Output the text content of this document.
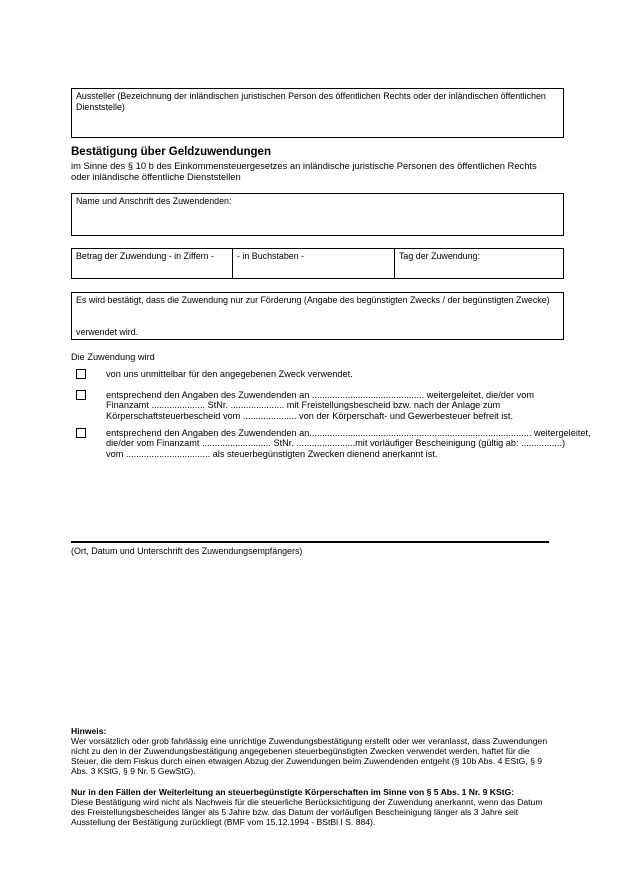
Aussteller (Bezeichnung der inländischen juristischen Person des öffentlichen Rechts oder der inländischen öffentlichen
Dienststelle)
Bestätigung über Geldzuwendungen
im Sinne des § 10 b des Einkommensteuergesetzes an inländische juristische Personen des öffentlichen Rechts
oder inländische öffentliche Dienststellen
Name und Anschrift des Zuwendenden:
Betrag der Zuwendung - in Ziffern -	- in Buchstaben -	Tag der Zuwendung:
Es wird bestätigt, dass die Zuwendung nur zur Förderung (Angabe des begünstigten Zwecks / der begünstigten Zwecke)
verwendet wird.
Die Zuwendung wird
von uns unmittelbar für den angegebenen Zweck verwendet.
entsprechend den Angaben des Zuwendenden an ............................................ weitergeleitet, die/der vom
Finanzamt ..................... StNr. ..................... mit Freistellungsbescheid bzw. nach der Anlage zum
Körperschaftsteuerbescheid vom ..................... von der Körperschaft- und Gewerbesteuer befreit ist.
entsprechend den Angaben des Zuwendenden an....................................................................................... weitergeleitet,
die/der vom Finanzamt ........................... StNr. .......................mit vorläufiger Bescheinigung (gültig ab: ................)
vom ................................. als steuerbegünstigten Zwecken dienend anerkannt ist.
(Ort, Datum und Unterschrift des Zuwendungsempfängers)
Hinweis:
Wer vorsätzlich oder grob fahrlässig eine unrichtige Zuwendungsbestätigung erstellt oder wer veranlasst, dass Zuwendungen
nicht zu den in der Zuwendungsbestätigung angegebenen steuerbegünstigten Zwecken verwendet werden, haftet für die
Steuer, die dem Fiskus durch einen etwaigen Abzug der Zuwendungen beim Zuwendenden entgeht (§ 10b Abs. 4 EStG, § 9
Abs. 3 KStG, § 9 Nr. 5 GewStG).
Nur in den Fällen der Weiterleitung an steuerbegünstigte Körperschaften im Sinne von § 5 Abs. 1 Nr. 9 KStG:
Diese Bestätigung wird nicht als Nachweis für die steuerliche Berücksichtigung der Zuwendung anerkannt, wenn das Datum
des Freistellungsbescheides länger als 5 Jahre bzw. das Datum der vorläufigen Bescheinigung länger als 3 Jahre seit
Ausstellung der Bestätigung zurückliegt (BMF vom 15.12.1994 - BStBl I S. 884).
